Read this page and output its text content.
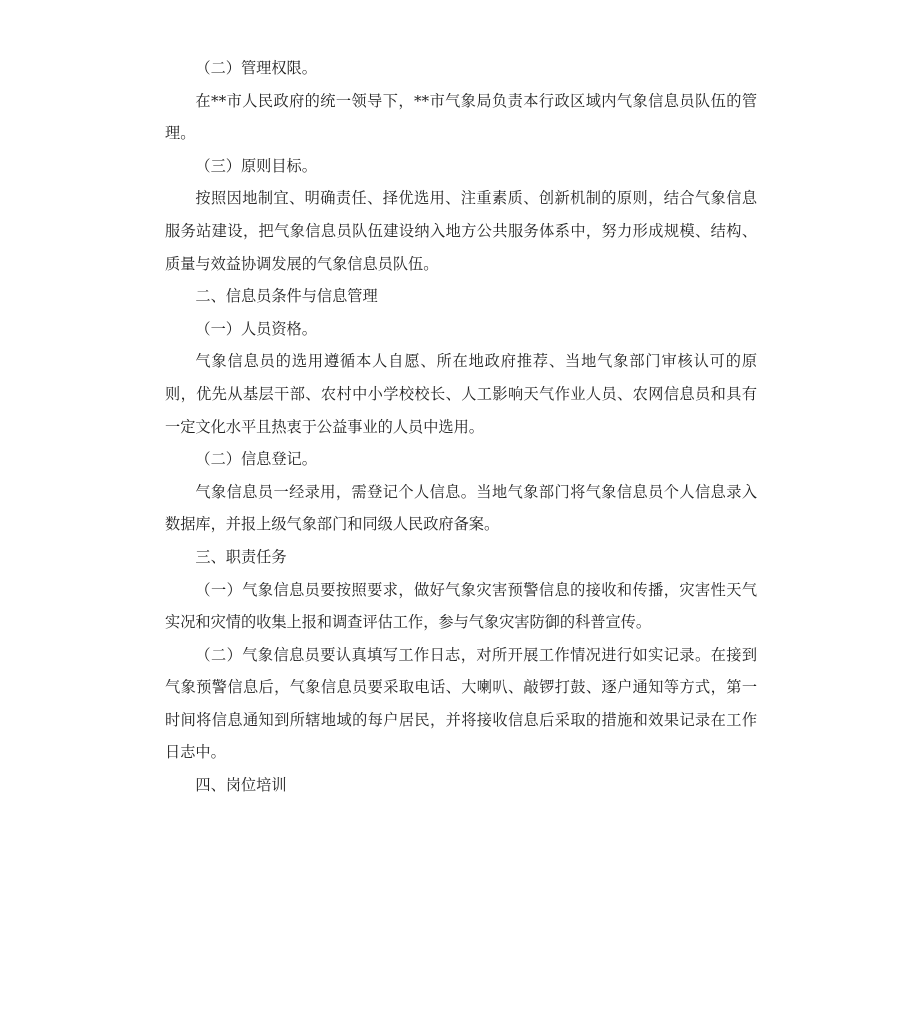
（二）管理权限。

在**市人民政府的统一领导下，**市气象局负责本行政区域内气象信息员队伍的管理。

（三）原则目标。

按照因地制宜、明确责任、择优选用、注重素质、创新机制的原则，结合气象信息服务站建设，把气象信息员队伍建设纳入地方公共服务体系中，努力形成规模、结构、质量与效益协调发展的气象信息员队伍。

二、信息员条件与信息管理

（一）人员资格。

气象信息员的选用遵循本人自愿、所在地政府推荐、当地气象部门审核认可的原则，优先从基层干部、农村中小学校校长、人工影响天气作业人员、农网信息员和具有一定文化水平且热衷于公益事业的人员中选用。

（二）信息登记。

气象信息员一经录用，需登记个人信息。当地气象部门将气象信息员个人信息录入数据库，并报上级气象部门和同级人民政府备案。

三、职责任务

（一）气象信息员要按照要求，做好气象灾害预警信息的接收和传播，灾害性天气实况和灾情的收集上报和调查评估工作，参与气象灾害防御的科普宣传。

（二）气象信息员要认真填写工作日志，对所开展工作情况进行如实记录。在接到气象预警信息后，气象信息员要采取电话、大喇叭、敲锣打鼓、逐户通知等方式，第一时间将信息通知到所辖地域的每户居民，并将接收信息后采取的措施和效果记录在工作日志中。

四、岗位培训
